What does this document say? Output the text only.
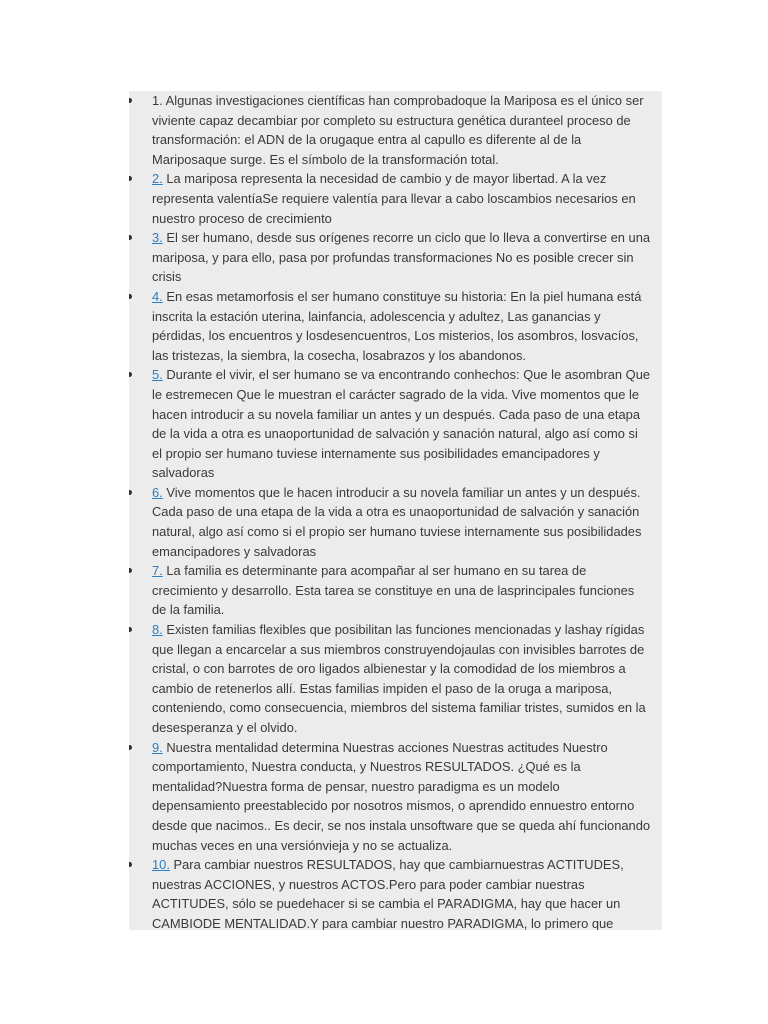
1. Algunas investigaciones científicas han comprobadoque la Mariposa es el único ser
viviente capaz decambiar por completo su estructura genética duranteel proceso de
transformación: el ADN de la orugaque entra al capullo es diferente al de la
Mariposaque surge. Es el símbolo de la transformación total.
2. La mariposa representa la necesidad de cambio y de mayor libertad. A la vez
representa valentíaSe requiere valentía para llevar a cabo loscambios necesarios en
nuestro proceso de crecimiento
3. El ser humano, desde sus orígenes recorre un ciclo que lo lleva a convertirse en una
mariposa, y para ello, pasa por profundas transformaciones No es posible crecer sin
crisis
4. En esas metamorfosis el ser humano constituye su historia: En la piel humana está
inscrita la estación uterina, lainfancia, adolescencia y adultez, Las ganancias y
pérdidas, los encuentros y losdesencuentros, Los misterios, los asombros, losvacíos,
las tristezas, la siembra, la cosecha, losabrazos y los abandonos.
5. Durante el vivir, el ser humano se va encontrando conhechos: Que le asombran Que
le estremecen Que le muestran el carácter sagrado de la vida. Vive momentos que le
hacen introducir a su novela familiar un antes y un después. Cada paso de una etapa
de la vida a otra es unaoportunidad de salvación y sanación natural, algo así como si
el propio ser humano tuviese internamente sus posibilidades emancipadores y
salvadoras
6. Vive momentos que le hacen introducir a su novela familiar un antes y un después.
Cada paso de una etapa de la vida a otra es unaoportunidad de salvación y sanación
natural, algo así como si el propio ser humano tuviese internamente sus posibilidades
emancipadores y salvadoras
7. La familia es determinante para acompañar al ser humano en su tarea de
crecimiento y desarrollo. Esta tarea se constituye en una de lasprincipales funciones
de la familia.
8. Existen familias flexibles que posibilitan las funciones mencionadas y lashay rígidas
que llegan a encarcelar a sus miembros construyendojaulas con invisibles barrotes de
cristal, o con barrotes de oro ligados albienestar y la comodidad de los miembros a
cambio de retenerlos allí. Estas familias impiden el paso de la oruga a mariposa,
conteniendo, como consecuencia, miembros del sistema familiar tristes, sumidos en la
desesperanza y el olvido.
9. Nuestra mentalidad determina Nuestras acciones Nuestras actitudes Nuestro
comportamiento, Nuestra conducta, y Nuestros RESULTADOS. ¿Qué es la
mentalidad?Nuestra forma de pensar, nuestro paradigma es un modelo
depensamiento preestablecido por nosotros mismos, o aprendido ennuestro entorno
desde que nacimos.. Es decir, se nos instala unsoftware que se queda ahí funcionando
muchas veces en una versiónvieja y no se actualiza.
10. Para cambiar nuestros RESULTADOS, hay que cambiarnuestras ACTITUDES,
nuestras ACCIONES, y nuestros ACTOS.Pero para poder cambiar nuestras
ACTITUDES, sólo se puedehacer si se cambia el PARADIGMA, hay que hacer un
CAMBIODE MENTALIDAD.Y para cambiar nuestro PARADIGMA, lo primero que
